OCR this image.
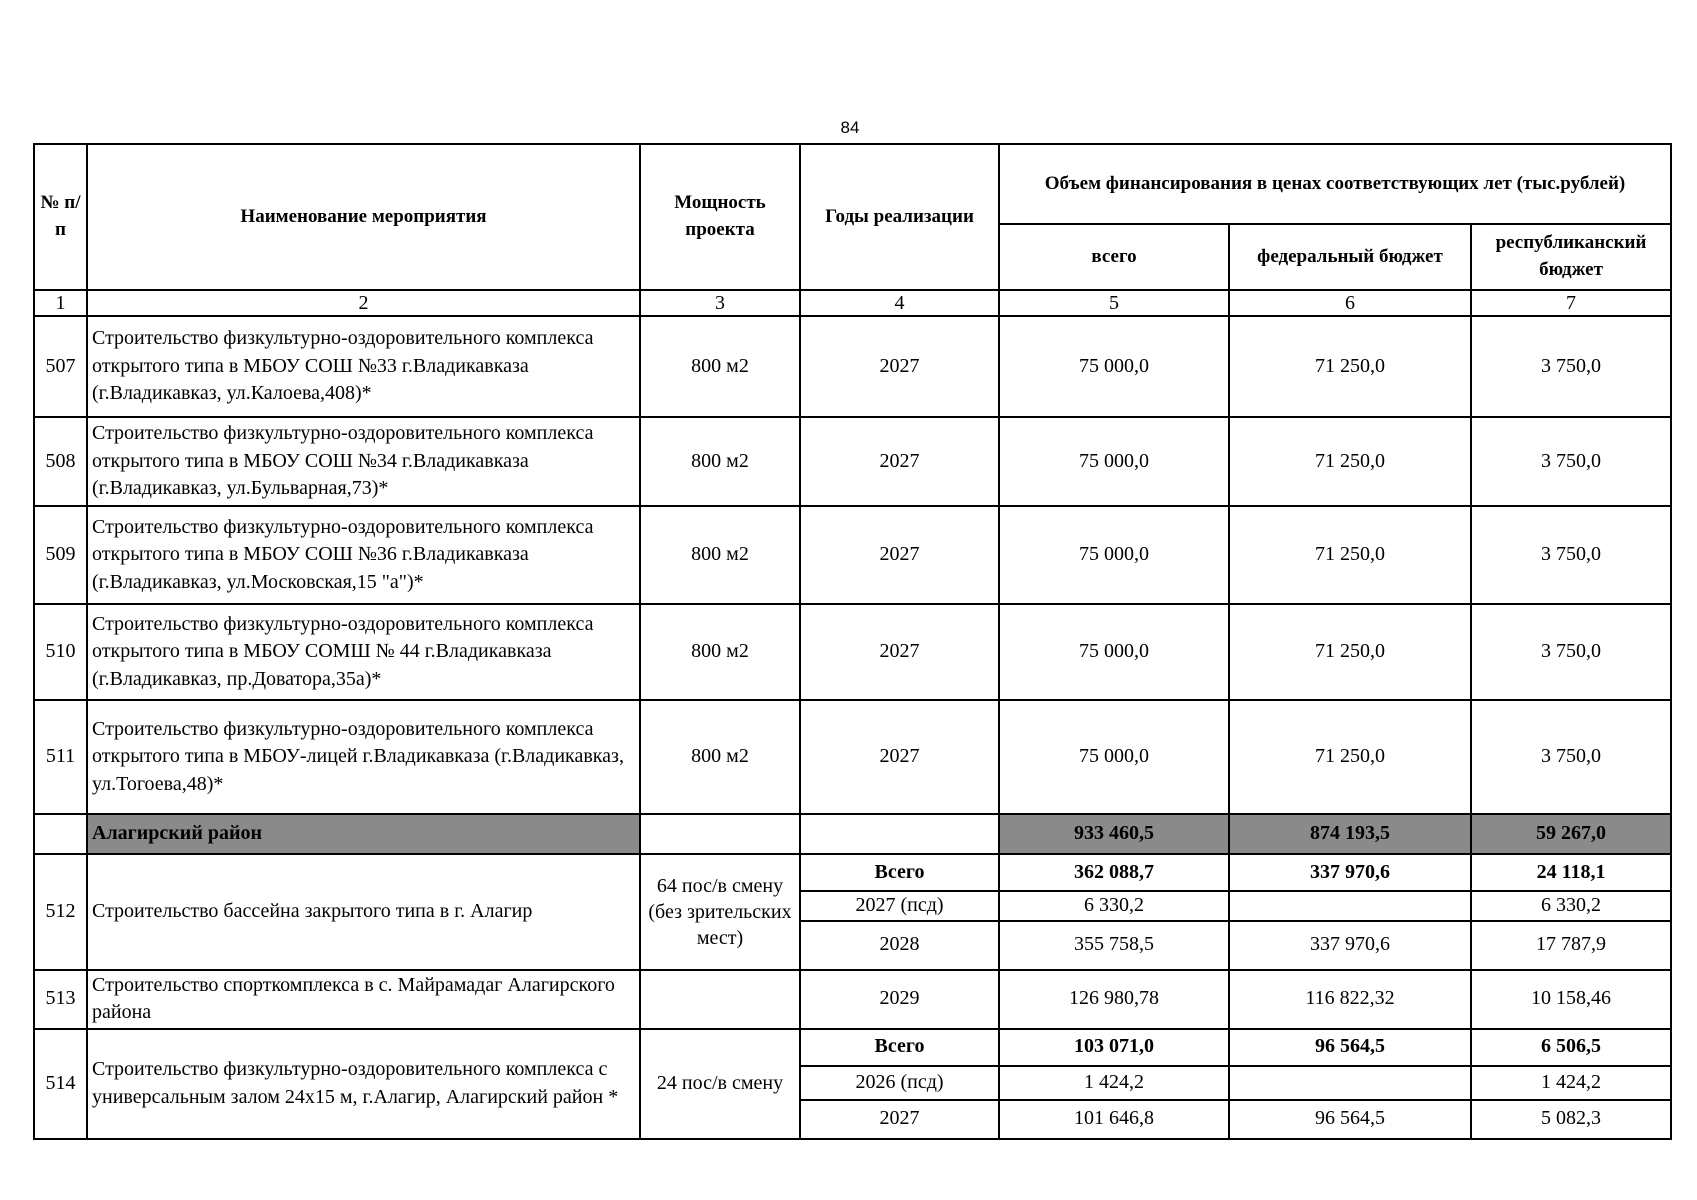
84
№ п/п	Наименование мероприятия	Мощность проекта	Годы реализации	Объем финансирования в ценах соответствующих лет (тыс.рублей)		
				всего	федеральный бюджет	республиканский бюджет
1	2	3	4	5	6	7
507	Строительство физкультурно-оздоровительного комплекса открытого типа в МБОУ СОШ №33 г.Владикавказа (г.Владикавказ, ул.Калоева,408)*	800 м2	2027	75 000,0	71 250,0	3 750,0
508	Строительство физкультурно-оздоровительного комплекса открытого типа в МБОУ СОШ №34 г.Владикавказа (г.Владикавказ, ул.Бульварная,73)*	800 м2	2027	75 000,0	71 250,0	3 750,0
509	Строительство физкультурно-оздоровительного комплекса открытого типа в МБОУ СОШ №36 г.Владикавказа (г.Владикавказ, ул.Московская,15 "а")*	800 м2	2027	75 000,0	71 250,0	3 750,0
510	Строительство физкультурно-оздоровительного комплекса открытого типа в МБОУ СОМШ № 44 г.Владикавказа (г.Владикавказ, пр.Доватора,35а)*	800 м2	2027	75 000,0	71 250,0	3 750,0
511	Строительство физкультурно-оздоровительного комплекса открытого типа в МБОУ-лицей г.Владикавказа (г.Владикавказ, ул.Тогоева,48)*	800 м2	2027	75 000,0	71 250,0	3 750,0
	Алагирский район			933 460,5	874 193,5	59 267,0
512	Строительство бассейна закрытого типа в г. Алагир	64 пос/в смену (без зрительских мест)	Всего	362 088,7	337 970,6	24 118,1
			2027 (псд)	6 330,2		6 330,2
			2028	355 758,5	337 970,6	17 787,9
513	Строительство спорткомплекса в с. Майрамадаг Алагирского района		2029	126 980,78	116 822,32	10 158,46
514	Строительство физкультурно-оздоровительного комплекса с универсальным залом 24х15 м, г.Алагир, Алагирский район *	24 пос/в смену	Всего	103 071,0	96 564,5	6 506,5
			2026 (псд)	1 424,2		1 424,2
			2027	101 646,8	96 564,5	5 082,3
